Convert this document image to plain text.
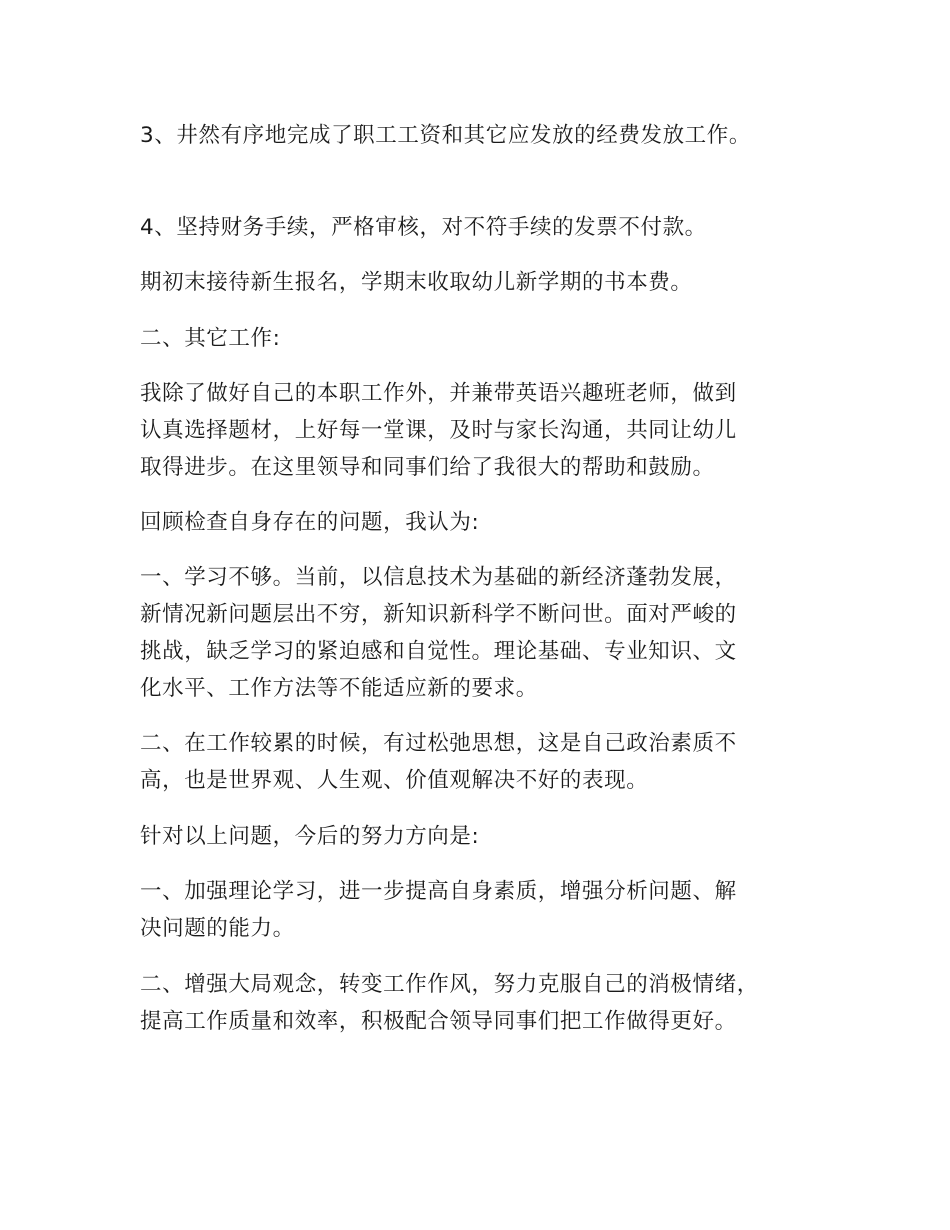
3、井然有序地完成了职工工资和其它应发放的经费发放工作。

4、坚持财务手续，严格审核，对不符手续的发票不付款。

期初末接待新生报名，学期末收取幼儿新学期的书本费。

二、其它工作:

我除了做好自己的本职工作外，并兼带英语兴趣班老师，做到
认真选择题材，上好每一堂课，及时与家长沟通，共同让幼儿
取得进步。在这里领导和同事们给了我很大的帮助和鼓励。

回顾检查自身存在的问题，我认为:

一、学习不够。当前，以信息技术为基础的新经济蓬勃发展，
新情况新问题层出不穷，新知识新科学不断问世。面对严峻的
挑战，缺乏学习的紧迫感和自觉性。理论基础、专业知识、文
化水平、工作方法等不能适应新的要求。

二、在工作较累的时候，有过松弛思想，这是自己政治素质不
高，也是世界观、人生观、价值观解决不好的表现。

针对以上问题，今后的努力方向是:

一、加强理论学习，进一步提高自身素质，增强分析问题、解
决问题的能力。

二、增强大局观念，转变工作作风，努力克服自己的消极情绪，
提高工作质量和效率，积极配合领导同事们把工作做得更好。
